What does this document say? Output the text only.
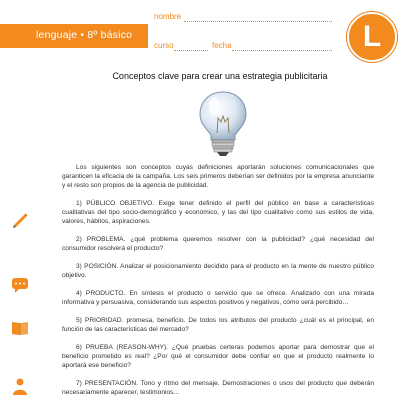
lenguaje • 8º básico
nombre
curso	fecha	L
Conceptos clave para crear una estrategia publicitaria

Los siguientes son conceptos cuyas definiciones aportarán soluciones comunicacionales que garanticen la eficacia de la campaña. Los seis primeros deberían ser definidos por la empresa anunciante y el resto son propios de la agencia de publicidad.

1) PÚBLICO OBJETIVO. Exige tener definido el perfil del público en base a características cualitativas del tipo socio-demográfico y económico, y las del tipo cualitativo como sus estilos de vida, valores, hábitos, aspiraciones.

2) PROBLEMA. ¿qué problema queremos resolver con la publicidad? ¿qué necesidad del consumidor resolverá el producto?

3) POSICIÓN. Analizar el posicionamiento decidido para el producto en la mente de nuestro público objetivo.

4) PRODUCTO. En síntesis el producto o servicio que se ofrece. Analizarlo con una mirada informativa y persuasiva, considerando sus aspectos positivos y negativos, cómo será percibido…

5) PRIORIDAD. promesa, beneficio. De todos los atributos del producto ¿cuál es el principal, en función de las características del mercado?

6) PRUEBA (REASON-WHY). ¿Qué pruebas certeras podemos aportar para demostrar que el beneficio prometido es real? ¿Por qué el consumidor debe confiar en que el producto realmente lo aportará ese beneficio?

7) PRESENTACIÓN. Tono y ritmo del mensaje. Demostraciones o usos del producto que deberán necesariamente aparecer, testimonios…
